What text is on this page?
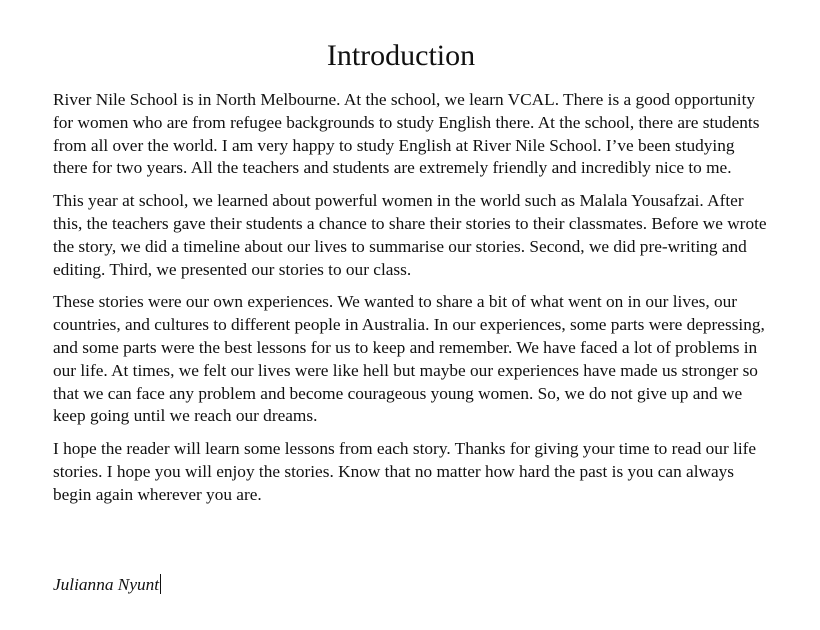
Introduction

River Nile School is in North Melbourne. At the school, we learn VCAL. There is a good opportunity for women who are from refugee backgrounds to study English there. At the school, there are students from all over the world. I am very happy to study English at River Nile School. I’ve been studying there for two years. All the teachers and students are extremely friendly and incredibly nice to me.

This year at school, we learned about powerful women in the world such as Malala Yousafzai. After this, the teachers gave their students a chance to share their stories to their classmates. Before we wrote the story, we did a timeline about our lives to summarise our stories. Second, we did pre-writing and editing. Third, we presented our stories to our class.

These stories were our own experiences. We wanted to share a bit of what went on in our lives, our countries, and cultures to different people in Australia. In our experiences, some parts were depressing, and some parts were the best lessons for us to keep and remember. We have faced a lot of problems in our life. At times, we felt our lives were like hell but maybe our experiences have made us stronger so that we can face any problem and become courageous young women. So, we do not give up and we keep going until we reach our dreams.

I hope the reader will learn some lessons from each story. Thanks for giving your time to read our life stories. I hope you will enjoy the stories. Know that no matter how hard the past is you can always begin again wherever you are.

Julianna Nyunt
